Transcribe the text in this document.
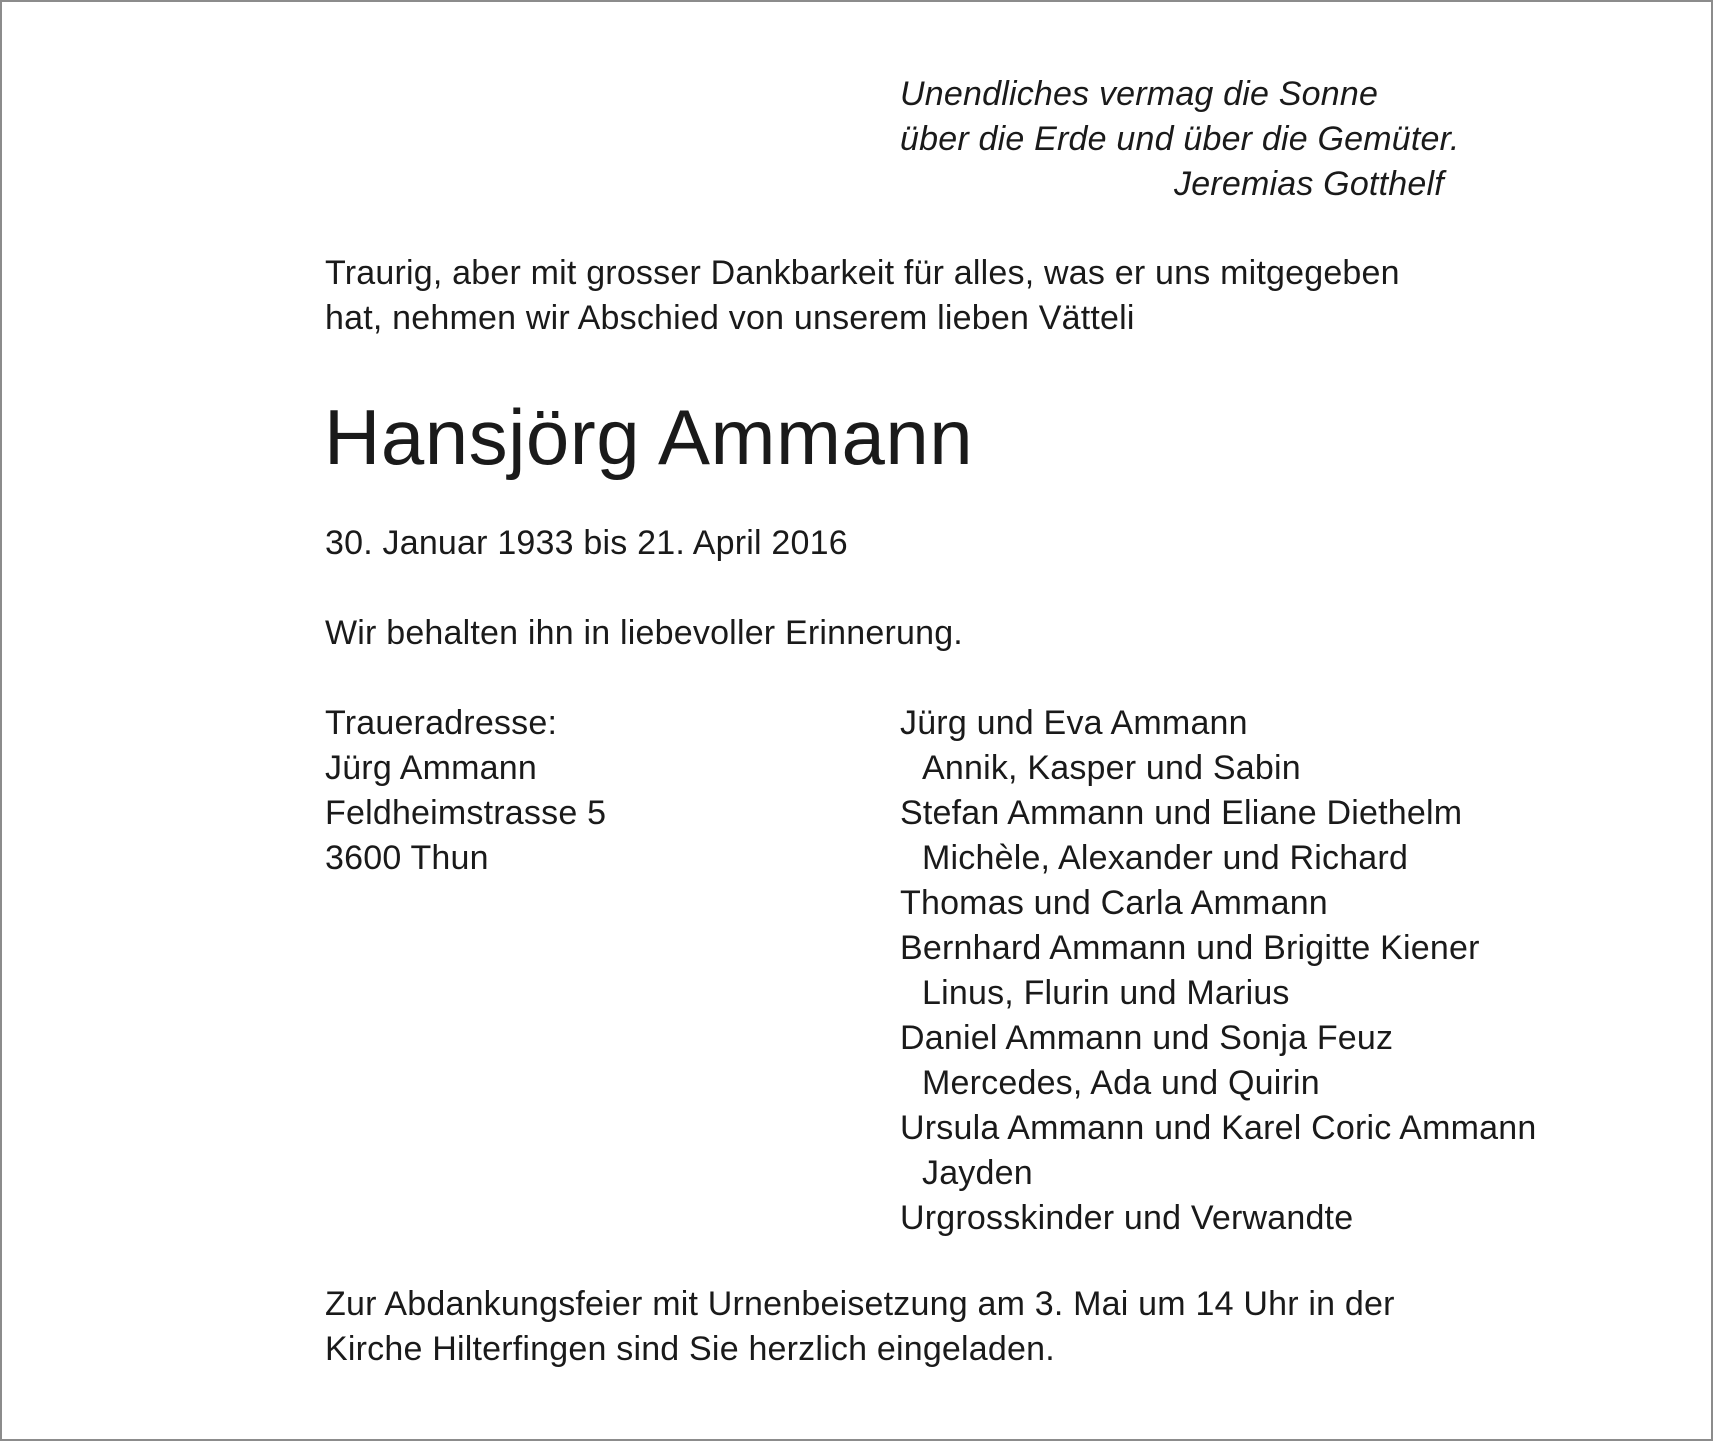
Unendliches vermag die Sonne
über die Erde und über die Gemüter.
Jeremias Gotthelf
Traurig, aber mit grosser Dankbarkeit für alles, was er uns mitgegeben
hat, nehmen wir Abschied von unserem lieben Vätteli
Hansjörg Ammann
30. Januar 1933 bis 21. April 2016
Wir behalten ihn in liebevoller Erinnerung.
Traueradresse:
Jürg Ammann
Feldheimstrasse 5
3600 Thun
Jürg und Eva Ammann
Annik, Kasper und Sabin
Stefan Ammann und Eliane Diethelm
Michèle, Alexander und Richard
Thomas und Carla Ammann
Bernhard Ammann und Brigitte Kiener
Linus, Flurin und Marius
Daniel Ammann und Sonja Feuz
Mercedes, Ada und Quirin
Ursula Ammann und Karel Coric Ammann
Jayden
Urgrosskinder und Verwandte
Zur Abdankungsfeier mit Urnenbeisetzung am 3. Mai um 14 Uhr in der
Kirche Hilterfingen sind Sie herzlich eingeladen.
